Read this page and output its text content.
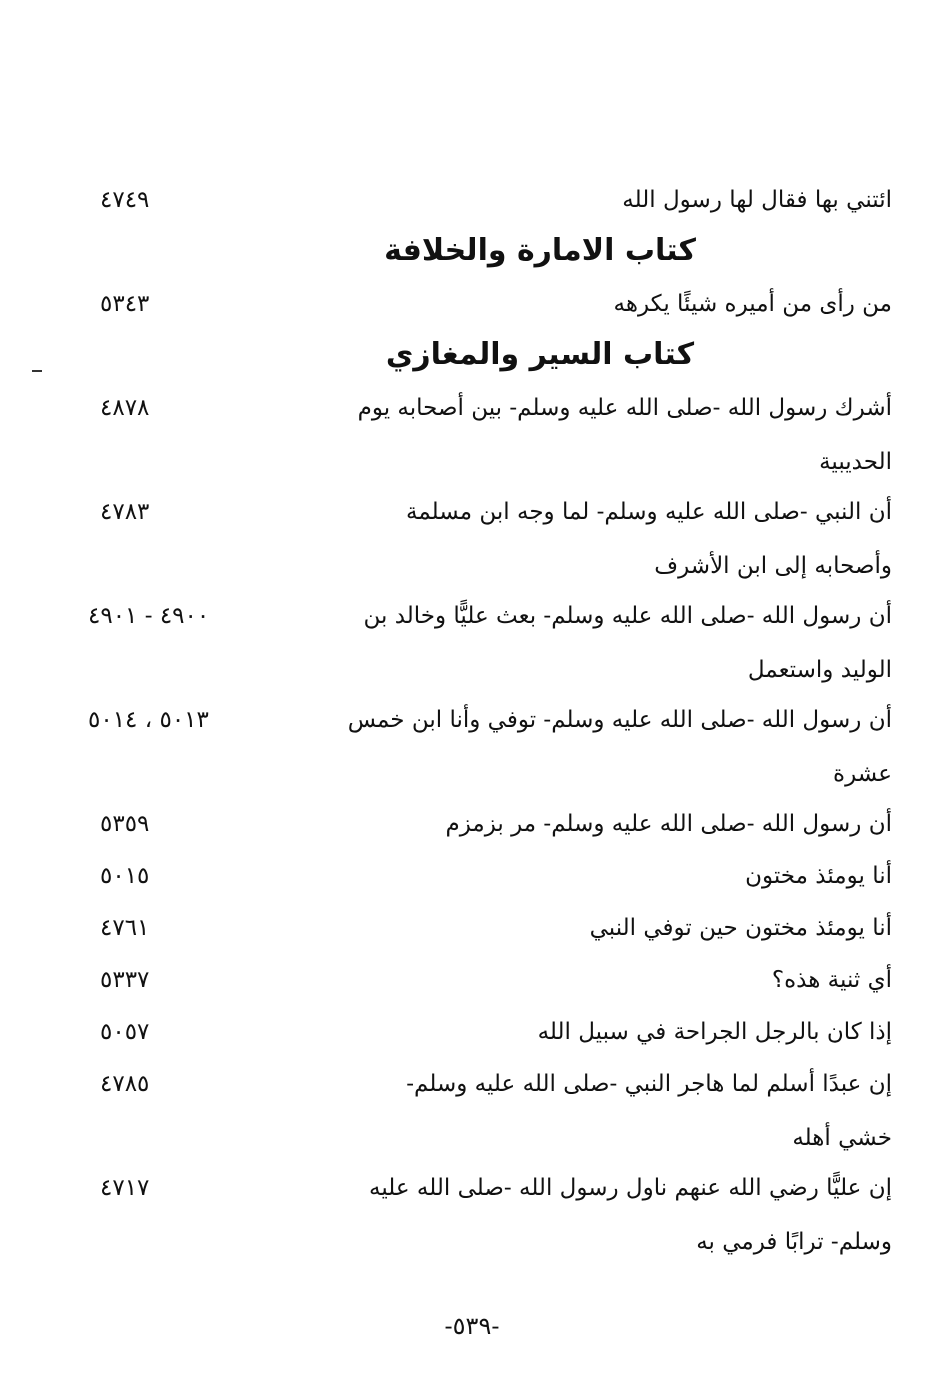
ائتني بها فقال لها رسول الله
٤٧٤٩
كتاب الامارة والخلافة
من رأى من أميره شيئًا يكرهه
٥٣٤٣
كتاب السير والمغازي
أشرك رسول الله -صلى الله عليه وسلم- بين أصحابه يوم
٤٨٧٨
الحديبية
أن النبي -صلى الله عليه وسلم- لما وجه ابن مسلمة
٤٧٨٣
وأصحابه إلى ابن الأشرف
أن رسول الله -صلى الله عليه وسلم- بعث عليًّا وخالد بن
٤٩٠٠ - ٤٩٠١
الوليد واستعمل
أن رسول الله -صلى الله عليه وسلم- توفي وأنا ابن خمس
٥٠١٣ ، ٥٠١٤
عشرة
أن رسول الله -صلى الله عليه وسلم- مر بزمزم
٥٣٥٩
أنا يومئذ مختون
٥٠١٥
أنا يومئذ مختون حين توفي النبي
٤٧٦١
أي ثنية هذه؟
٥٣٣٧
إذا كان بالرجل الجراحة في سبيل الله
٥٠٥٧
إن عبدًا أسلم لما هاجر النبي -صلى الله عليه وسلم-
٤٧٨٥
خشي أهله
إن عليًّا رضي الله عنهم ناول رسول الله -صلى الله عليه
٤٧١٧
وسلم- ترابًا فرمي به
-٥٣٩-
